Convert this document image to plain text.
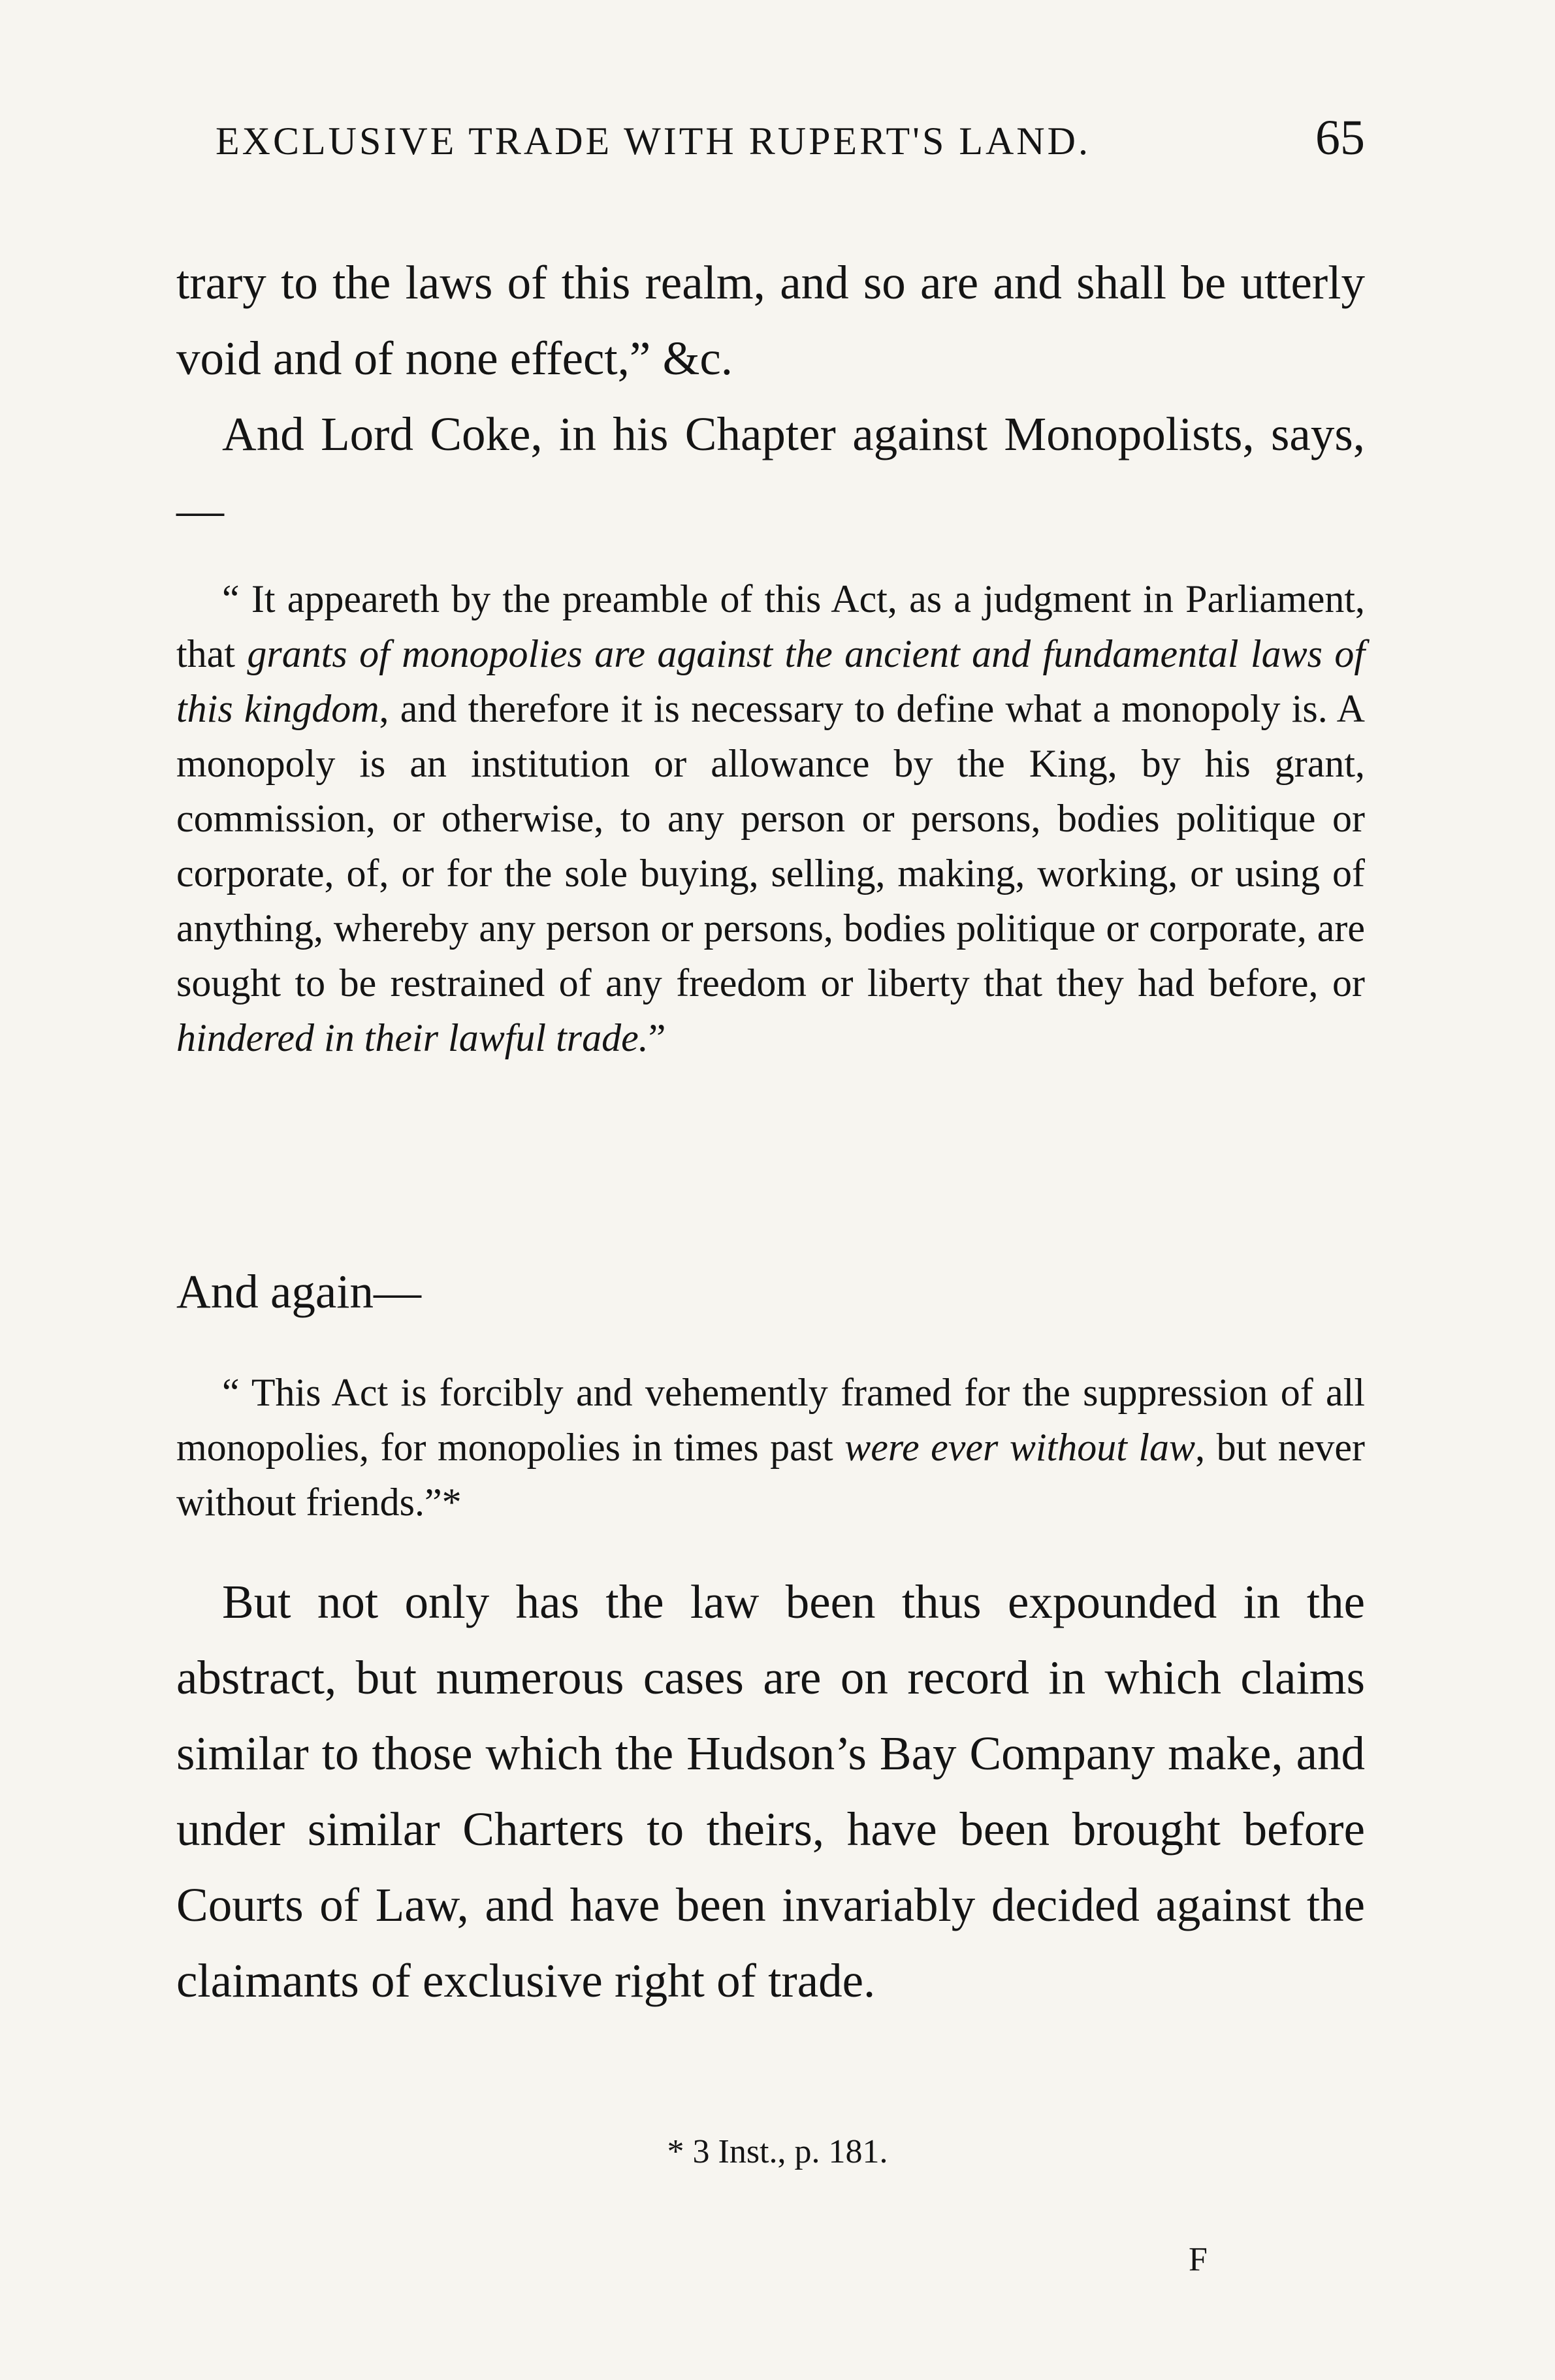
EXCLUSIVE TRADE WITH RUPERT'S LAND.	65

trary to the laws of this realm, and so are and shall be utterly void and of none effect,” &c.

And Lord Coke, in his Chapter against Monopolists, says,—

“ It appeareth by the preamble of this Act, as a judgment in Parliament, that grants of monopolies are against the ancient and fundamental laws of this kingdom, and therefore it is necessary to define what a monopoly is. A monopoly is an institution or allowance by the King, by his grant, commission, or otherwise, to any person or persons, bodies politique or corporate, of, or for the sole buying, selling, making, working, or using of anything, whereby any person or persons, bodies politique or corporate, are sought to be restrained of any freedom or liberty that they had before, or hindered in their lawful trade.”

And again—

“ This Act is forcibly and vehemently framed for the suppression of all monopolies, for monopolies in times past were ever without law, but never without friends.”*

But not only has the law been thus expounded in the abstract, but numerous cases are on record in which claims similar to those which the Hudson’s Bay Company make, and under similar Charters to theirs, have been brought before Courts of Law, and have been invariably decided against the claimants of exclusive right of trade.

* 3 Inst., p. 181.
F
